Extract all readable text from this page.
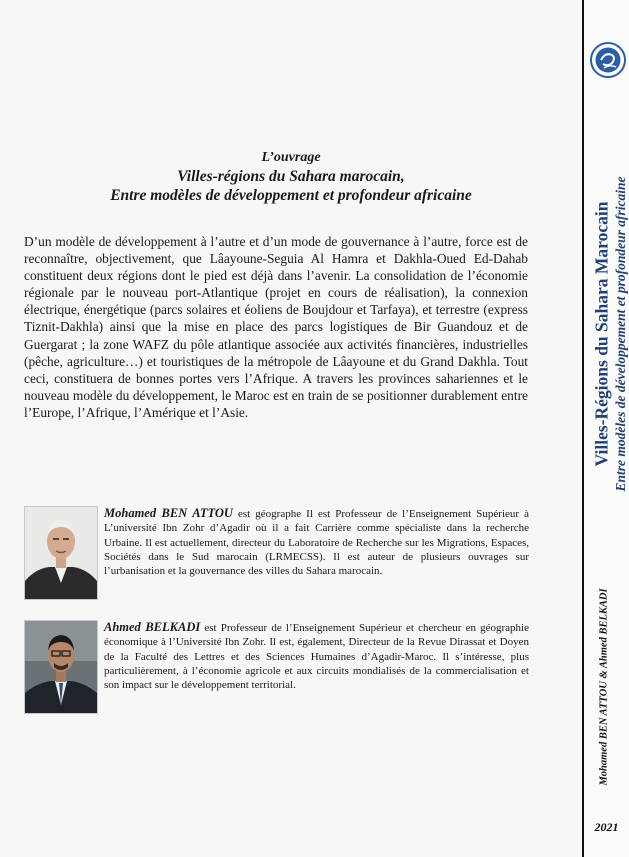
L’ouvrage
Villes-régions du Sahara marocain,
Entre modèles de développement et profondeur africaine

D’un modèle de développement à l’autre et d’un mode de gouvernance à l’autre, force est de reconnaître, objectivement, que Lâayoune-Seguia Al Hamra et Dakhla-Oued Ed-Dahab constituent deux régions dont le pied est déjà dans l’avenir. La consolidation de l’économie régionale par le nouveau port-Atlantique (projet en cours de réalisation), la connexion électrique, énergétique (parcs solaires et éoliens de Boujdour et Tarfaya), et terrestre (express Tiznit-Dakhla) ainsi que la mise en place des parcs logistiques de Bir Guandouz et de Guergarat ; la zone WAFZ du pôle atlantique associée aux activités financières, industrielles (pêche, agriculture…) et touristiques de la métropole de Lâayoune et du Grand Dakhla. Tout ceci, constituera de bonnes portes vers l’Afrique. A travers les provinces sahariennes et le nouveau modèle du développement, le Maroc est en train de se positionner durablement entre l’Europe, l’Afrique, l’Amérique et l’Asie.

Mohamed BEN ATTOU est géographe Il est Professeur de l’Enseignement Supérieur à L’université Ibn Zohr d’Agadir où il a fait Carrière comme spécialiste dans la recherche Urbaine. Il est actuellement, directeur du Laboratoire de Recherche sur les Migrations, Espaces, Sociétés dans le Sud marocain (LRMECSS). Il est auteur de plusieurs ouvrages sur l’urbanisation et la gouvernance des villes du Sahara marocain.

Ahmed BELKADI est Professeur de l’Enseignement Supérieur et chercheur en géographie économique à l’Université Ibn Zohr. Il est, également, Directeur de la Revue Dirassat et Doyen de la Faculté des Lettres et des Sciences Humaines d’Agadir-Maroc. Il s’intéresse, plus particulièrement, à l’économie agricole et aux circuits mondialisés de la commercialisation et son impact sur le développement territorial.

Villes-Régions du Sahara Marocain Entre modèles de développement et profondeur africaine
Mohamed BEN ATTOU & Ahmed BELKADI
2021
